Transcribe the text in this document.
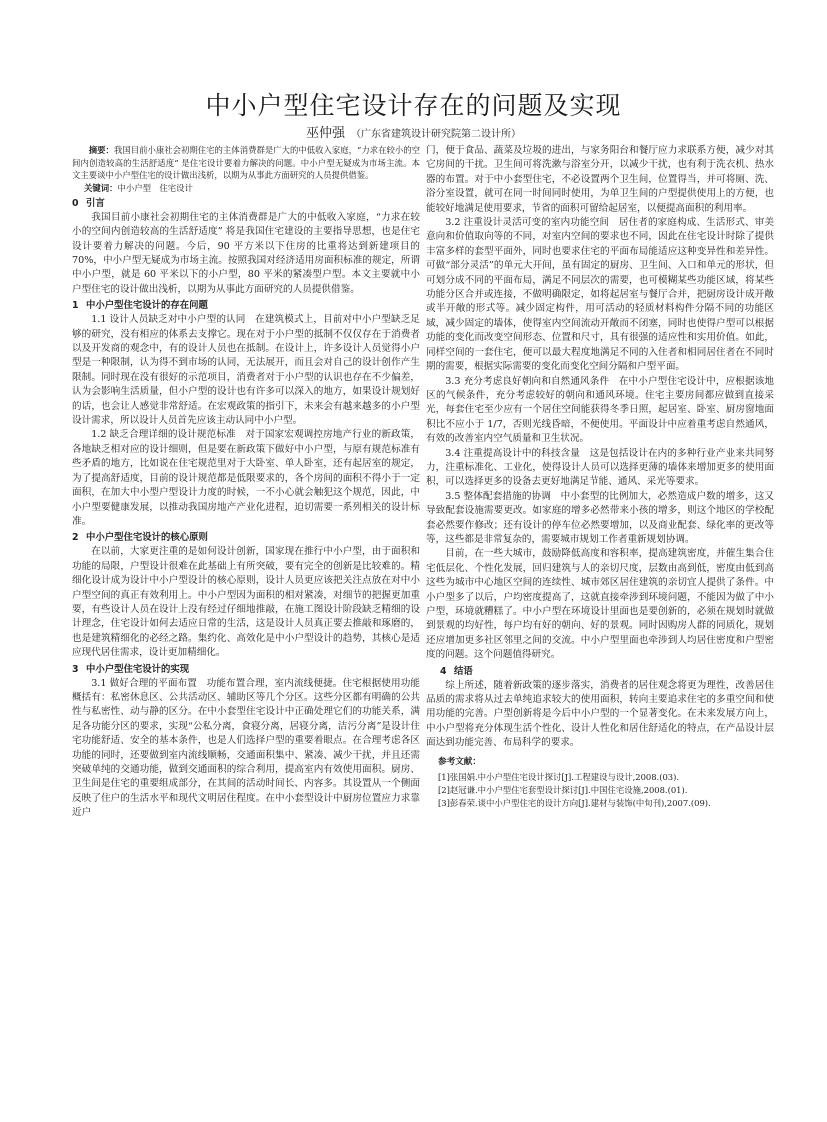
中小户型住宅设计存在的问题及实现
巫仲强 （广东省建筑设计研究院第二设计所）

摘要：我国目前小康社会初期住宅的主体消费群是广大的中低收入家庭，“力求在较小的空间内创造较高的生活舒适度” 是住宅设计要着力解决的问题。中小户型无疑成为市场主流。本文主要谈中小户型住宅的设计做出浅析，以期为从事此方面研究的人员提供借鉴。

关键词：中小户型　住宅设计

0 引言

我国目前小康社会初期住宅的主体消费群是广大的中低收入家庭，“力求在较小的空间内创造较高的生活舒适度” 将是我国住宅建设的主要指导思想，也是住宅设计要着力解决的问题。今后，90 平方米以下住房的比重将达到新建项目的 70%，中小户型无疑成为市场主流。按照我国对经济适用房面积标准的规定，所谓中小户型，就是 60 平米以下的小户型，80 平米的紧凑型户型。本文主要就中小户型住宅的设计做出浅析，以期为从事此方面研究的人员提供借鉴。

1 中小户型住宅设计的存在问题

1.1 设计人员缺乏对中小户型的认同　在建筑模式上，目前对中小户型缺乏足够的研究，没有相应的体系去支撑它。现在对于小户型的抵制不仅仅存在于消费者以及开发商的观念中，有的设计人员也在抵制。在设计上，许多设计人员觉得小户型是一种限制，认为得不到市场的认同，无法展开，而且会对自己的设计创作产生限制。同时现在没有很好的示范项目，消费者对于小户型的认识也存在不少偏差，认为会影响生活质量，但小户型的设计也有许多可以深入的地方，如果设计规划好的话，也会让人感觉非常舒适。在宏观政策的指引下，未来会有越来越多的小户型设计需求，所以设计人员首先应该主动认同中小户型。

1.2 缺乏合理详细的设计规范标准　对于国家宏观调控房地产行业的新政策，各地缺乏相对应的设计细则，但是要在新政策下做好中小户型，与原有规范标准有些矛盾的地方，比如说在住宅规范里对于大卧室、单人卧室，还有起居室的规定，为了提高舒适度，目前的设计规范都是低限要求的，各个房间的面积不得小于一定面积，在加大中小型户型设计力度的时候，一不小心就会触犯这个规范，因此，中小户型要健康发展，以推动我国房地产产业化进程，迫切需要一系列相关的设计标准。

2 中小户型住宅设计的核心原则

在以前，大家更注重的是如何设计创新，国家现在推行中小户型，由于面积和功能的局限，户型设计很难在此基础上有所突破，要有完全的创新是比较难的。精细化设计成为设计中小户型设计的核心原则，设计人员更应该把关注点放在对中小户型空间的真正有效利用上。中小户型因为面积的相对紧凑，对细节的把握更加重要，有些设计人员在设计上没有经过仔细地推敲，在施工图设计阶段缺乏精细的设计理念，住宅设计如何去适应日常的生活，这是设计人员真正要去推敲和琢磨的，也是建筑精细化的必经之路。集约化、高效化是中小户型设计的趋势，其核心是适应现代居住需求，设计更加精细化。

3 中小户型住宅设计的实现

3.1 做好合理的平面布置　功能布置合理，室内流线便捷。住宅根据使用功能概括有：私密休息区、公共活动区、辅助区等几个分区。这些分区都有明确的公共性与私密性、动与静的区分。在中小套型住宅设计中正确处理它们的功能关系，满足各功能分区的要求，实现“公私分离，食寝分离，居寝分离，洁污分离”是设计住宅功能舒适、安全的基本条件，也是人们选择户型的重要着眼点。在合理考虑各区功能的同时，还要做到室内流线顺畅，交通面积集中、紧凑、减少干扰，并且还需突破单纯的交通功能，做到交通面积的综合利用，提高室内有效使用面积。厨房、卫生间是住宅的重要组成部分，在其间的活动时间长、内容多。其设置从一个侧面反映了住户的生活水平和现代文明居住程度。在中小套型设计中厨房位置应力求靠近户

门，便于食品、蔬菜及垃圾的进出，与家务阳台和餐厅应力求联系方便，减少对其它房间的干扰。卫生间可将洗漱与浴室分开，以减少干扰，也有利于洗衣机、热水器的布置。对于中小套型住宅，不必设置两个卫生间，位置得当，并可将厕、洗、浴分室设置，就可在同一时间同时使用，为单卫生间的户型提供使用上的方便，也能较好地满足使用要求，节省的面积可留给起居室，以便提高面积的利用率。

3.2 注重设计灵活可变的室内功能空间　居住者的家庭构成、生活形式、审美意向和价值取向等的不同，对室内空间的要求也不同，因此在住宅设计时除了提供丰富多样的套型平面外，同时也要求住宅的平面布局能适应这种变异性和差异性。可做“部分灵活”的单元大开间，虽有固定的厨房、卫生间、入口和单元的形状，但可划分成不同的平面布局，满足不同层次的需要，也可模糊某些功能区域，将某些功能分区合并或连接，不做明确限定，如将起居室与餐厅合并，把厨房设计成开敞或半开敞的形式等。减少固定构件，用可活动的轻质材料构件分隔不同的功能区域，减少固定的墙体，使得室内空间流动开敞而不闭塞，同时也使得户型可以根据功能的变化而改变空间形态、位置和尺寸，具有很强的适应性和实用价值。如此，同样空间的一套住宅，便可以最大程度地满足不同的入住者和相同居住者在不同时期的需要，根据实际需要的变化而变化空间分隔和户型平面。

3.3 充分考虑良好朝向和自然通风条件　在中小户型住宅设计中，应根据该地区的气候条件，充分考虑较好的朝向和通风环境。住宅主要房间都应做到直接采光，每套住宅至少应有一个居住空间能获得冬季日照，起居室、卧室、厨房窗地面积比不应小于 1/7，否则光线昏暗，不便使用。平面设计中应着重考虑自然通风，有效的改善室内空气质量和卫生状况。

3.4 注重提高设计中的科技含量　这是包括设计在内的多种行业产业来共同努力，注重标准化、工业化，使得设计人员可以选择更薄的墙体来增加更多的使用面积，可以选择更多的设备去更好地满足节能、通风、采光等要求。

3.5 整体配套措施的协调　中小套型的比例加大，必然造成户数的增多，这又导致配套设施需要更改。如家庭的增多必然带来小孩的增多，则这个地区的学校配套必然要作修改；还有设计的停车位必然要增加，以及商业配套、绿化率的更改等等，这些都是非常复杂的，需要城市规划工作者重新规划协调。

目前，在一些大城市，鼓励降低高度和容积率，提高建筑密度，并催生集合住宅低层化、个性化发展，回归建筑与人的亲切尺度，层数由高到低，密度由低到高这些为城市中心地区空间的连续性、城市郊区居住建筑的亲切宜人提供了条件。中小户型多了以后，户均密度提高了，这就直接牵涉到环境问题，不能因为做了中小户型，环境就糟糕了。中小户型在环境设计里面也是要创新的，必须在规划时就做到景观的均好性，每户均有好的朝向、好的景观。同时因购房人群的同质化，规划还应增加更多社区邻里之间的交流。中小户型里面也牵涉到人均居住密度和户型密度的问题。这个问题值得研究。

4 结语

综上所述，随着新政策的逐步落实，消费者的居住观念将更为理性，改善居住品质的需求将从过去单纯追求较大的使用面积，转向主要追求住宅的多重空间和使用功能的完善。户型创新将是今后中小户型的一个显著变化。在未来发展方向上，中小户型将充分体现生活个性化、设计人性化和居住舒适化的特点，在产品设计层面达到功能完善、布局科学的要求。

参考文献：
[1]张国娟.中小户型住宅设计探讨[J].工程建设与设计,2008.(03).
[2]赵冠谦.中小户型住宅套型设计探讨[J].中国住宅设施,2008.(01).
[3]彭春荣.谈中小户型住宅的设计方向[J].建材与装饰(中旬刊),2007.(09).
